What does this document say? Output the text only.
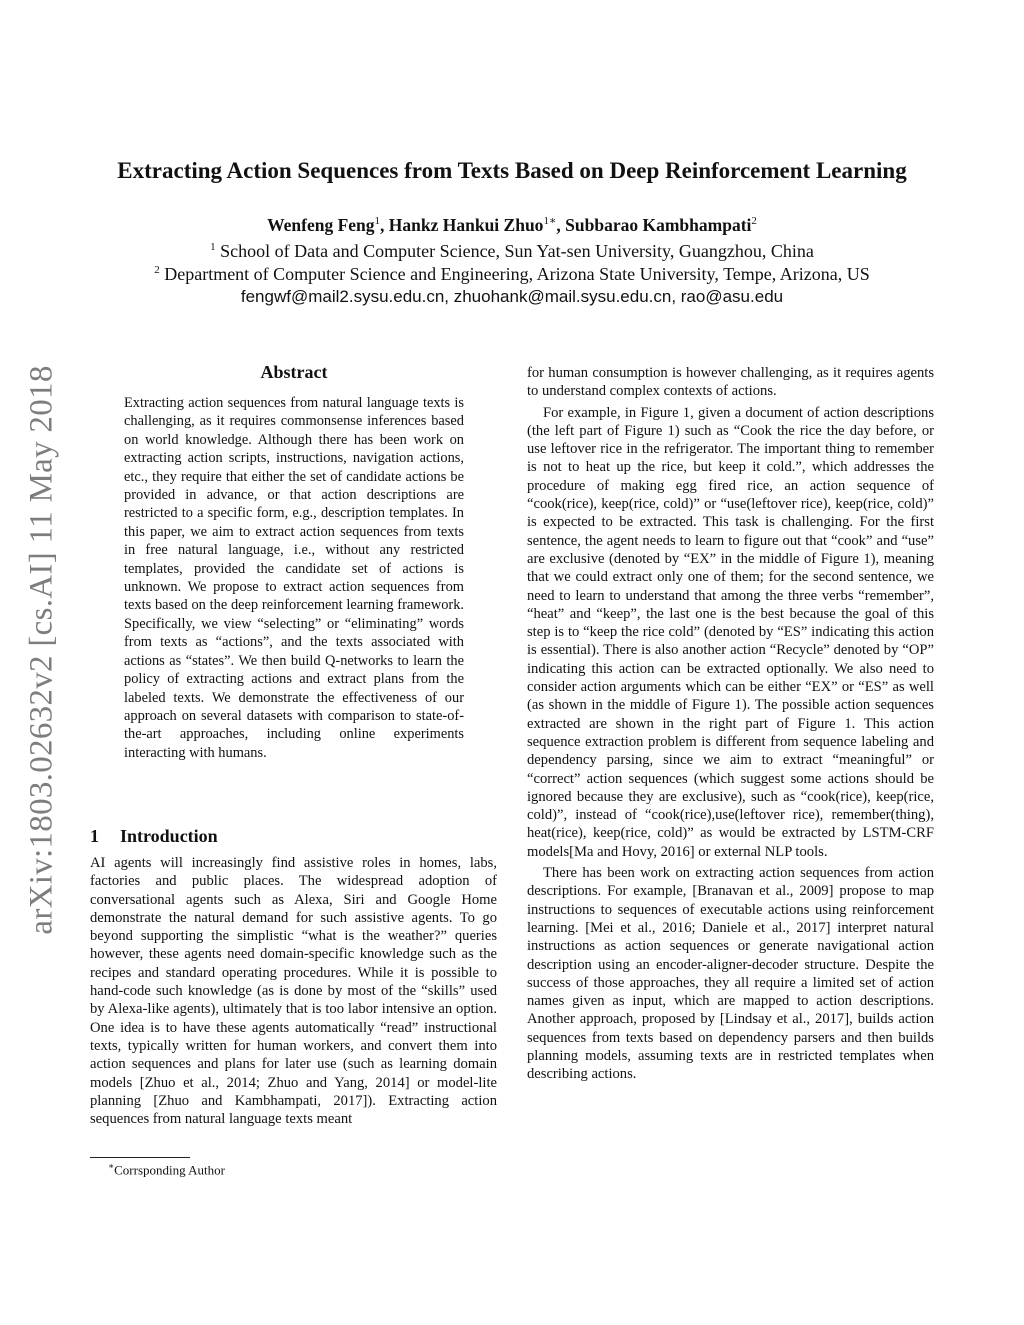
arXiv:1803.02632v2 [cs.AI] 11 May 2018
Extracting Action Sequences from Texts Based on Deep Reinforcement Learning
Wenfeng Feng$^1$, Hankz Hankui Zhuo$^{1∗}$, Subbarao Kambhampati$^2$
$^1$ School of Data and Computer Science, Sun Yat-sen University, Guangzhou, China
$^2$ Department of Computer Science and Engineering, Arizona State University, Tempe, Arizona, US
fengwf@mail2.sysu.edu.cn, zhuohank@mail.sysu.edu.cn, rao@asu.edu
Abstract
Extracting action sequences from natural language texts is challenging, as it requires commonsense inferences based on world knowledge. Although there has been work on extracting action scripts, instructions, navigation actions, etc., they require that either the set of candidate actions be provided in advance, or that action descriptions are restricted to a specific form, e.g., description templates. In this paper, we aim to extract action sequences from texts in free natural language, i.e., without any restricted templates, provided the candidate set of actions is unknown. We propose to extract action sequences from texts based on the deep reinforcement learning framework. Specifically, we view “selecting” or “eliminating” words from texts as “actions”, and the texts associated with actions as “states”. We then build Q-networks to learn the policy of extracting actions and extract plans from the labeled texts. We demonstrate the effectiveness of our approach on several datasets with comparison to state-of-the-art approaches, including online experiments interacting with humans.
1 Introduction
AI agents will increasingly find assistive roles in homes, labs, factories and public places. The widespread adoption of conversational agents such as Alexa, Siri and Google Home demonstrate the natural demand for such assistive agents. To go beyond supporting the simplistic “what is the weather?” queries however, these agents need domain-specific knowledge such as the recipes and standard operating procedures. While it is possible to hand-code such knowledge (as is done by most of the “skills” used by Alexa-like agents), ultimately that is too labor intensive an option. One idea is to have these agents automatically “read” instructional texts, typically written for human workers, and convert them into action sequences and plans for later use (such as learning domain models [Zhuo et al., 2014; Zhuo and Yang, 2014] or model-lite planning [Zhuo and Kambhampati, 2017]). Extracting action sequences from natural language texts meant

for human consumption is however challenging, as it requires agents to understand complex contexts of actions.

For example, in Figure 1, given a document of action descriptions (the left part of Figure 1) such as “Cook the rice the day before, or use leftover rice in the refrigerator. The important thing to remember is not to heat up the rice, but keep it cold.”, which addresses the procedure of making egg fired rice, an action sequence of “cook(rice), keep(rice, cold)” or “use(leftover rice), keep(rice, cold)” is expected to be extracted. This task is challenging. For the first sentence, the agent needs to learn to figure out that “cook” and “use” are exclusive (denoted by “EX” in the middle of Figure 1), meaning that we could extract only one of them; for the second sentence, we need to learn to understand that among the three verbs “remember”, “heat” and “keep”, the last one is the best because the goal of this step is to “keep the rice cold” (denoted by “ES” indicating this action is essential). There is also another action “Recycle” denoted by “OP” indicating this action can be extracted optionally. We also need to consider action arguments which can be either “EX” or “ES” as well (as shown in the middle of Figure 1). The possible action sequences extracted are shown in the right part of Figure 1. This action sequence extraction problem is different from sequence labeling and dependency parsing, since we aim to extract “meaningful” or “correct” action sequences (which suggest some actions should be ignored because they are exclusive), such as “cook(rice), keep(rice, cold)”, instead of “cook(rice),use(leftover rice), remember(thing), heat(rice), keep(rice, cold)” as would be extracted by LSTM-CRF models[Ma and Hovy, 2016] or external NLP tools.

There has been work on extracting action sequences from action descriptions. For example, [Branavan et al., 2009] propose to map instructions to sequences of executable actions using reinforcement learning. [Mei et al., 2016; Daniele et al., 2017] interpret natural instructions as action sequences or generate navigational action description using an encoder-aligner-decoder structure. Despite the success of those approaches, they all require a limited set of action names given as input, which are mapped to action descriptions. Another approach, proposed by [Lindsay et al., 2017], builds action sequences from texts based on dependency parsers and then builds planning models, assuming texts are in restricted templates when describing actions.

∗Corrsponding Author
